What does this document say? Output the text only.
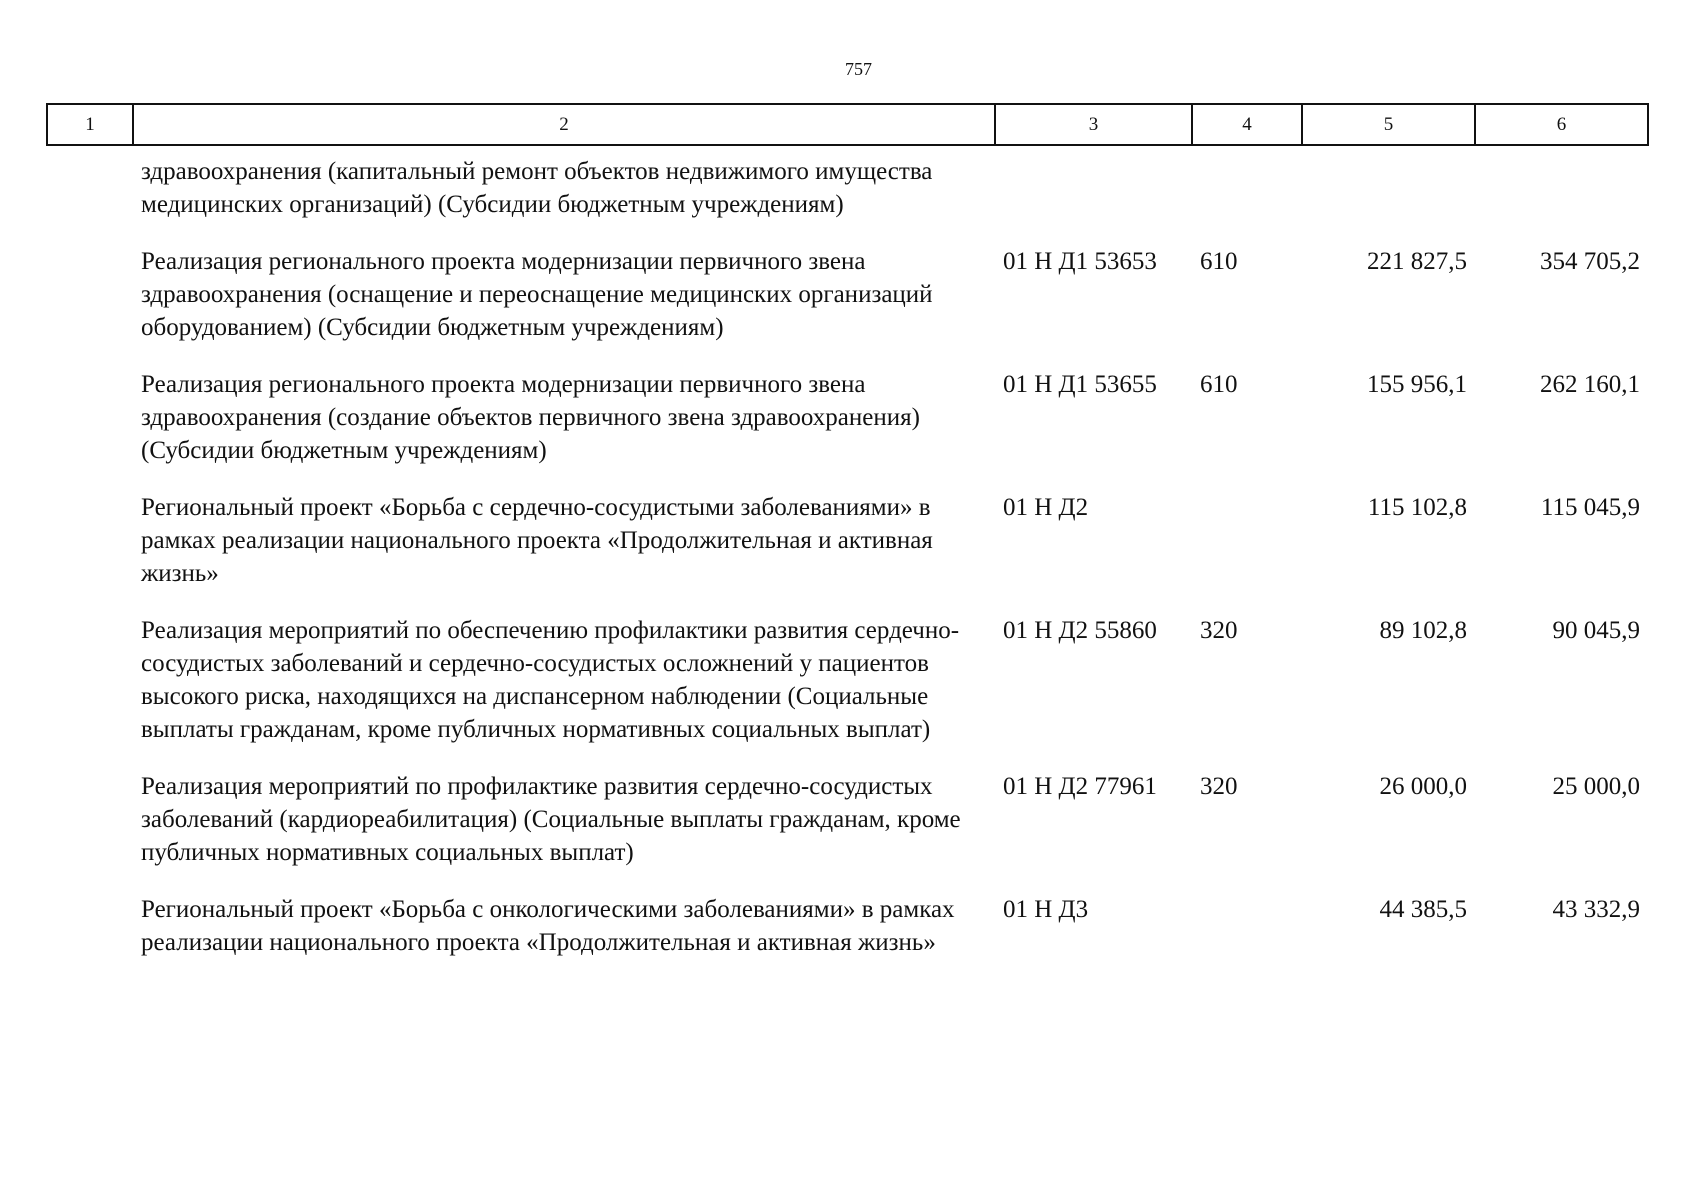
757
1	2	3	4	5	6
	здравоохранения (капитальный ремонт объектов недвижимого имущества медицинских организаций) (Субсидии бюджетным учреждениям)				
	Реализация регионального проекта модернизации первичного звена здравоохранения (оснащение и переоснащение медицинских организаций оборудованием) (Субсидии бюджетным учреждениям)	01 Н Д1 53653	610	221 827,5	354 705,2
	Реализация регионального проекта модернизации первичного звена здравоохранения (создание объектов первичного звена здравоохранения) (Субсидии бюджетным учреждениям)	01 Н Д1 53655	610	155 956,1	262 160,1
	Региональный проект «Борьба с сердечно-сосудистыми заболеваниями» в рамках реализации национального проекта «Продолжительная и активная жизнь»	01 Н Д2		115 102,8	115 045,9
	Реализация мероприятий по обеспечению профилактики развития сердечно-сосудистых заболеваний и сердечно-сосудистых осложнений у пациентов высокого риска, находящихся на диспансерном наблюдении (Социальные выплаты гражданам, кроме публичных нормативных социальных выплат)	01 Н Д2 55860	320	89 102,8	90 045,9
	Реализация мероприятий по профилактике развития сердечно-сосудистых заболеваний (кардиореабилитация) (Социальные выплаты гражданам, кроме публичных нормативных социальных выплат)	01 Н Д2 77961	320	26 000,0	25 000,0
	Региональный проект «Борьба с онкологическими заболеваниями» в рамках реализации национального проекта «Продолжительная и активная жизнь»	01 Н Д3		44 385,5	43 332,9
